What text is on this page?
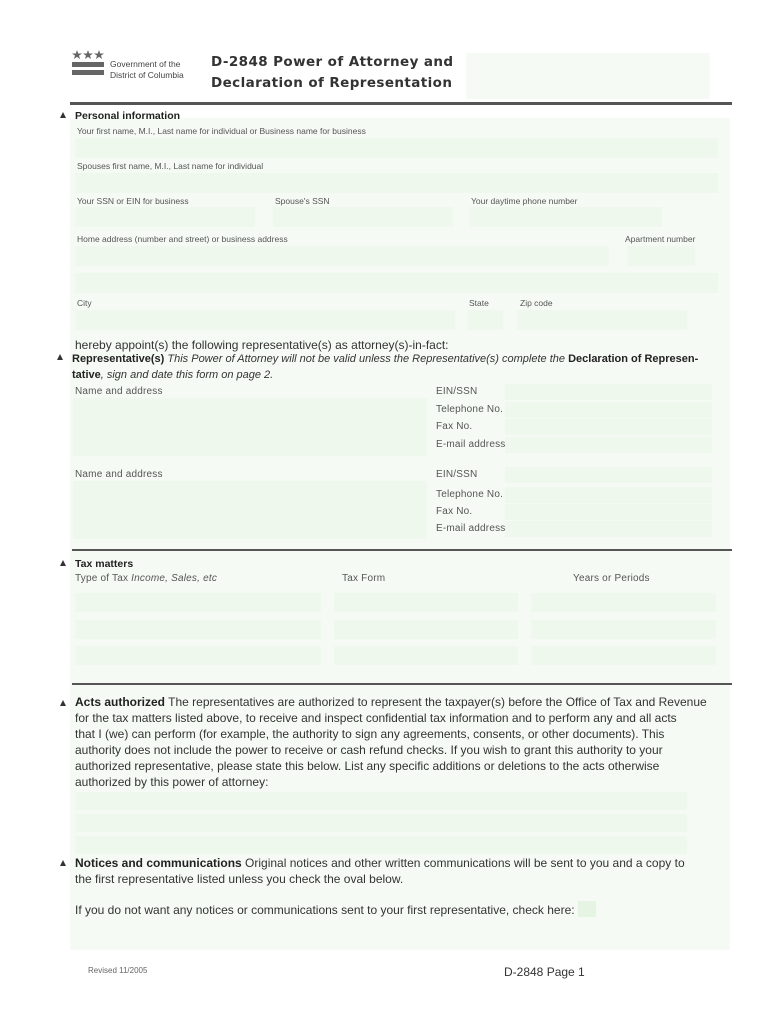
Government of the
District of Columbia
D-2848 Power of Attorney and
Declaration of Representation
Personal information
Your first name, M.I., Last name for individual or Business name for business
Spouses first name, M.I., Last name for individual
Your SSN or EIN for business	Spouse's SSN	Your daytime phone number
Home address (number and street) or business address	Apartment number
City	State	Zip code
hereby appoint(s) the following representative(s) as attorney(s)-in-fact:
Representative(s) This Power of Attorney will not be valid unless the Representative(s) complete the Declaration of Represen-
tative, sign and date this form on page 2.
Name and address	EIN/SSN
Telephone No.
Fax No.
E-mail address
Name and address	EIN/SSN
Telephone No.
Fax No.
E-mail address
Tax matters
Type of Tax Income, Sales, etc	Tax Form	Years or Periods
Acts authorized The representatives are authorized to represent the taxpayer(s) before the Office of Tax and Revenue
for the tax matters listed above, to receive and inspect confidential tax information and to perform any and all acts
that I (we) can perform (for example, the authority to sign any agreements, consents, or other documents). This
authority does not include the power to receive or cash refund checks. If you wish to grant this authority to your
authorized representative, please state this below. List any specific additions or deletions to the acts otherwise
authorized by this power of attorney:
Notices and communications Original notices and other written communications will be sent to you and a copy to
the first representative listed unless you check the oval below.
If you do not want any notices or communications sent to your first representative, check here:
Revised 11/2005	D-2848 Page 1
